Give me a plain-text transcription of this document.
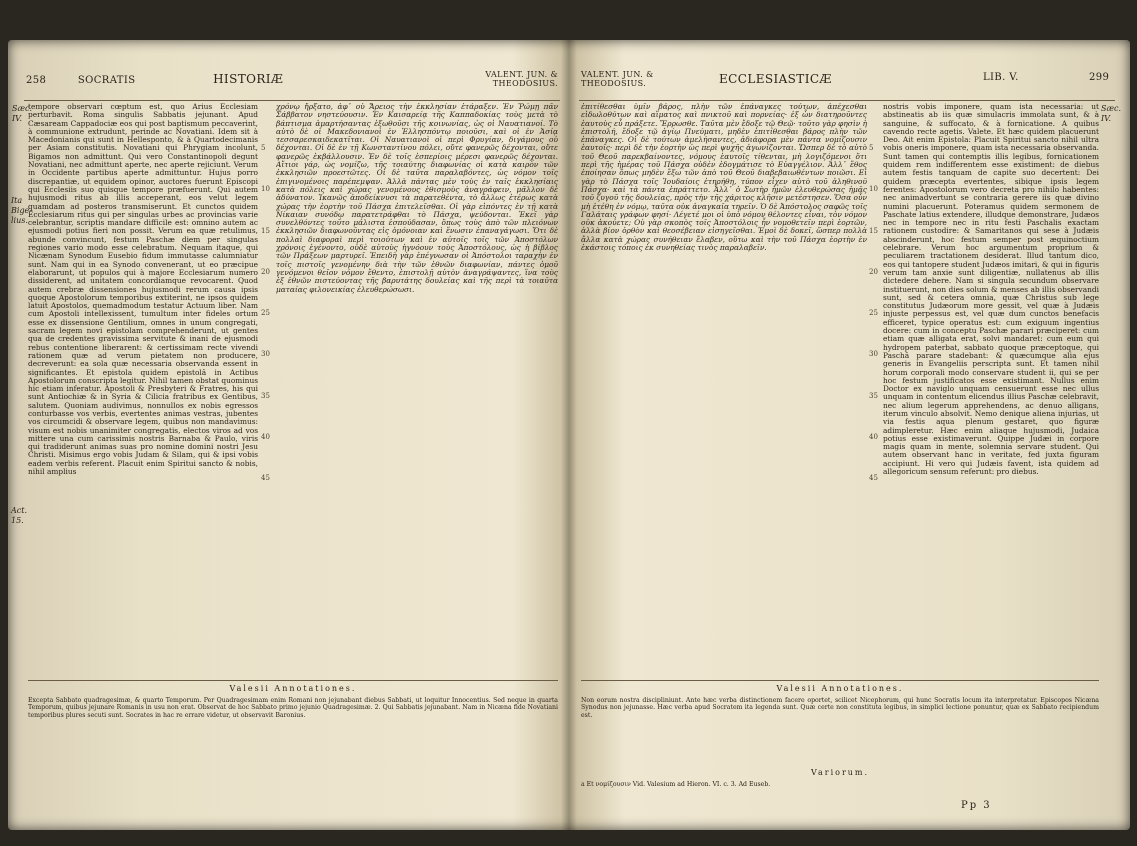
258	SOCRATIS	HISTORIÆ	VALENT. JUN. & THEODOSIUS.
Sæc. IV.
Ita Bige-lius.
Act. 15.
tempore observari cœptum est, quo Arius Ecclesiam perturbavit. Roma singulis Sabbatis jejunant. Apud Cæsaream Cappadociæ eos qui post baptismum peccaverint, à communione extrudunt, perinde ac Novatiani. Idem sit à Macedonianis qui sunt in Hellesponto, & à Quartodecimanis per Asiam constitutis. Novatiani qui Phrygiam incolunt, Bigamos non admittunt. Qui vero Constantinopoli degunt Novatiani, nec admittunt aperte, nec aperte rejiciunt. Verum in Occidente partibus aperte admittuntur. Hujus porro discrepantiæ, ut equidem opinor, auctores fuerunt Episcopi qui Ecclesiis suo quisque tempore præfuerunt. Qui autem hujusmodi ritus ab illis acceperant, eos velut legem quamdam ad posteros transmiserunt. Et cunctos quidem Ecclesiarum ritus qui per singulas urbes ac provincias varie celebrantur, scriptis mandare difficile est: omnino autem ac ejusmodi potius fieri non possit. Verum ea quæ retulimus, abunde convincunt, festum Paschæ diem per singulas regiones vario modo esse celebratum. Nequam itaque, qui Nicænam Synodum Eusebio fidum immutasse calumniatur sunt. Nam qui in ea Synodo convenerant, ut eo præcipue elaborarunt, ut populos qui à majore Ecclesiarum numero dissiderent, ad unitatem concordiamque revocarent. Quod autem crebræ dissensiones hujusmodi rerum causa ipsis quoque Apostolorum temporibus extiterint, ne ipsos quidem latuit Apostolos, quemadmodum testatur Actuum liber. Nam cum Apostoli intellexissent, tumultum inter fideles ortum esse ex dissensione Gentilium, omnes in unum congregati, sacram legem novi epistolam comprehenderunt, ut gentes qua de credentes gravissima servitute & inani de ejusmodi rebus contentione liberarent: & certissimam recte vivendi rationem quæ ad verum pietatem non producere, decreverunt: ea sola quæ necessaria observanda essent in significantes. Et epistola quidem epistolâ in Actibus Apostolorum conscripta legitur. Nihil tamen obstat quominus hic etiam inferatur. Apostoli & Presbyteri & Fratres, his qui sunt Antiochiæ & in Syria & Cilicia fratribus ex Gentibus, salutem. Quoniam audivimus, nonnullos ex nobis egressos conturbasse vos verbis, evertentes animas vestras, jubentes vos circumcidi & observare legem, quibus non mandavimus: visum est nobis unanimiter congregatis, electos viros ad vos mittere una cum carissimis nostris Barnaba & Paulo, viris qui tradiderunt animas suas pro nomine domini nostri Jesu Christi. Misimus ergo vobis Judam & Silam, qui & ipsi vobis eadem verbis referent. Placuit enim Spiritui sancto & nobis, nihil amplius
5
10
15
20
25
30
35
40
45
χρόνῳ ἤρξατο, ἀφ᾽ οὗ Ἄρειος τὴν ἐκκλησίαν ἐτάραξεν. Ἐν Ῥώμῃ πᾶν Σάββατον νηστεύουσιν. Ἐν Καισαρείᾳ τῆς Καππαδοκίας τοὺς μετὰ τὸ βάπτισμα ἁμαρτήσαντας ἐξωθοῦσι τῆς κοινωνίας, ὡς οἱ Ναυατιανοί. Τὸ αὐτὸ δὲ οἱ Μακεδονιανοὶ ἐν Ἑλλησπόντῳ ποιοῦσι, καὶ οἱ ἐν Ἀσίᾳ τεσσαρεσκαιδεκατῖται. Οἱ Ναυατιανοὶ οἱ περὶ Φρυγίαν, διγάμους οὐ δέχονται. Οἱ δὲ ἐν τῇ Κωνσταντίνου πόλει, οὔτε φανερῶς δέχονται, οὔτε φανερῶς ἐκβάλλουσιν. Ἐν δὲ τοῖς ἑσπερίοις μέρεσι φανερῶς δέχονται. Αἴτιοι γάρ, ὡς νομίζω, τῆς τοιαύτης διαφωνίας οἱ κατὰ καιρὸν τῶν ἐκκλησιῶν προεστῶτες. Οἱ δὲ ταῦτα παραλαβόντες, ὡς νόμον τοῖς ἐπιγινομένοις παρέπεμψαν. Ἀλλὰ πάντας μὲν τοὺς ἐν ταῖς ἐκκλησίαις κατὰ πόλεις καὶ χώρας γενομένους ἐθισμοὺς ἀναγράφειν, μᾶλλον δὲ ἀδύνατον. Ἱκανῶς ἀποδείκνυσι τὰ παρατεθέντα, τὸ ἄλλως ἑτέρως κατὰ χώρας τὴν ἑορτὴν τοῦ Πάσχα ἐπιτελεῖσθαι. Οἱ γὰρ εἰπόντες ἐν τῇ κατὰ Νίκαιαν συνόδῳ παρατετράφθαι τὸ Πάσχα, ψεύδονται. Ἐκεῖ γὰρ συνελθόντες τοῦτο μάλιστα ἐσπούδασαν, ὅπως τοὺς ἀπὸ τῶν πλειόνων ἐκκλησιῶν διαφωνοῦντας εἰς ὁμόνοιαν καὶ ἕνωσιν ἐπαναγάγωσι. Ὅτι δὲ πολλαὶ διαφοραὶ περὶ τοιούτων καὶ ἐν αὐτοῖς τοῖς τῶν Ἀποστόλων χρόνοις ἐγένοντο, οὐδὲ αὐτοὺς ἠγνόουν τοὺς Ἀποστόλους, ὡς ἡ βίβλος τῶν Πράξεων μαρτυρεῖ. Ἐπειδὴ γὰρ ἐπέγνωσαν οἱ Ἀπόστολοι ταραχὴν ἐν τοῖς πιστοῖς γενομένην διὰ τὴν τῶν ἐθνῶν διαφωνίαν, πάντες ὁμοῦ γενόμενοι θεῖον νόμον ἔθεντο, ἐπιστολῇ αὐτὸν ἀναγράψαντες, ἵνα τοὺς ἐξ ἐθνῶν πιστεύοντας τῆς βαρυτάτης δουλείας καὶ τῆς περὶ τὰ τοιαῦτα ματαίας φιλονεικίας ἐλευθερώσωσι.
Valesii Annotationes.
Excepta Sabbato quadragesimæ, & quarto Temporum. Per Quadragesimam enim Romani non jejunabant diebus Sabbati, ut loquitur Innocentius. Sed neque in quarta Temporum, quibus jejunare Romanis in usu non erat. Observat de hoc Sabbato primo jejunio Quadragesimæ. 2. Qui Sabbatis jejunabant. Nam in Nicæna fide Novatiani temporibus plures secuti sunt. Socrates in hac re errare videtur, ut observavit Baronius.
VALENT. JUN. & THEODOSIUS.	ECCLESIASTICÆ	LIB. V.	299
Sæc. IV.
ἐπιτίθεσθαι ὑμῖν βάρος, πλὴν τῶν ἐπάναγκες τούτων, ἀπέχεσθαι εἰδωλοθύτων καὶ αἵματος καὶ πνικτοῦ καὶ πορνείας· ἐξ ὧν διατηροῦντες ἑαυτοὺς εὖ πράξετε. Ἔρρωσθε. Ταῦτα μὲν ἔδοξε τῷ Θεῷ· τοῦτο γὰρ φησὶν ἡ ἐπιστολή, ἔδοξε τῷ ἁγίῳ Πνεύματι, μηδὲν ἐπιτίθεσθαι βάρος πλὴν τῶν ἐπάναγκες. Οἱ δὲ τούτων ἀμελήσαντες, ἀδιάφορα μὲν πάντα νομίζουσιν ἑαυτοῖς· περὶ δὲ τὴν ἑορτὴν ὡς περὶ ψυχῆς ἀγωνίζονται. Ὥσπερ δὲ τὸ αὐτὸ τοῦ Θεοῦ παρεκβαίνοντες, νόμους ἑαυτοῖς τίθενται, μὴ λογιζόμενοι ὅτι περὶ τῆς ἡμέρας τοῦ Πάσχα οὐδὲν ἐδογμάτισε τὸ Εὐαγγέλιον. Ἀλλ᾽ ἔθος ἐποίησαν ὅπως μηδὲν ἔξω τῶν ἀπὸ τοῦ Θεοῦ διαβεβαιωθέντων ποιῶσι. Εἰ γὰρ τὸ Πάσχα τοῖς Ἰουδαίοις ἐτηρήθη, τύπον εἶχεν αὐτὸ τοῦ ἀληθινοῦ Πάσχα· καὶ τὰ πάντα ἐπράττετο. Ἀλλ᾽ ὁ Σωτὴρ ἡμῶν ἐλευθερώσας ἡμᾶς τοῦ ζυγοῦ τῆς δουλείας, πρὸς τὴν τῆς χάριτος κλῆσιν μετέστησεν. Ὅσα οὖν μὴ ἐτέθη ἐν νόμῳ, ταῦτα οὐκ ἀναγκαῖα τηρεῖν. Ὁ δὲ Ἀπόστολος σαφῶς τοῖς Γαλάταις γράφων φησί· Λέγετέ μοι οἱ ὑπὸ νόμον θέλοντες εἶναι, τὸν νόμον οὐκ ἀκούετε; Οὐ γὰρ σκοπὸς τοῖς Ἀποστόλοις ἦν νομοθετεῖν περὶ ἑορτῶν, ἀλλὰ βίον ὀρθὸν καὶ θεοσέβειαν εἰσηγεῖσθαι. Ἐμοὶ δὲ δοκεῖ, ὥσπερ πολλὰ ἄλλα κατὰ χώρας συνήθειαν ἔλαβεν, οὕτω καὶ τὴν τοῦ Πάσχα ἑορτὴν ἐν ἑκάστοις τόποις ἐκ συνηθείας τινὸς παραλαβεῖν.
5
10
15
20
25
30
35
40
45
nostris vobis imponere, quam ista necessaria: ut abstineatis ab iis quæ simulacris immolata sunt, & à sanguine, & suffocato, & à fornicatione. A quibus cavendo recte agetis. Valete. Et hæc quidem placuerunt Deo. Ait enim Epistola: Placuit Spiritui sancto nihil ultra vobis oneris imponere, quam ista necessaria observanda. Sunt tamen qui contemptis illis legibus, fornicationem quidem rem indifferentem esse existiment: de diebus autem festis tanquam de capite suo decertent: Dei quidem præcepta evertentes, sibique ipsis legem ferentes: Apostolorum vero decreta pro nihilo habentes: nec animadvertunt se contraria gerere iis quæ divino numini placuerunt. Poteramus quidem sermonem de Paschate latius extendere, illudque demonstrare, Judæos nec in tempore nec in ritu festi Paschalis exactam rationem custodire: & Samaritanos qui sese à Judæis abscinderunt, hoc festum semper post æquinoctium celebrare. Verum hoc argumentum proprium & peculiarem tractationem desiderat. Illud tantum dico, eos qui tantopere student Judæos imitari, & qui in figuris verum tam anxie sunt diligentiæ, nullatenus ab illis dictedere debere. Nam si singula secundum observare instituerunt, non dies solum & menses ab illis observandi sunt, sed & cetera omnia, quæ Christus sub lege constitutus Judæorum more gessit, vel quæ à Judæis injuste perpessus est, vel quæ dum cunctos benefacis efficeret, typice operatus est: cum exiguum ingentius docere: cum in conceptu Paschæ parari præciperet: cum etiam quæ alligata erat, solvi mandaret: cum eum qui hydropem paterbat, sabbato quoque præceptoque, qui Paschâ parare stadebant: & quæcumque alia ejus generis in Evangeliis perscripta sunt. Et tamen nihil horum corporali modo conservare student ii, qui se per hoc festum justificatos esse existimant. Nullus enim Doctor ex naviglo unquam censuerunt esse nec ullus unquam in contentum elicendus illius Paschæ celebravit, nec alium legerum apprehendens, ac denuo alligans, iterum vinculo absolvit. Nemo denique aliena injurias, ut via festis aqua plenum gestaret, quo figuræ adimpleretur. Hæc enim aliaque hujusmodi, Judaica potius esse existimaverunt. Quippe Judæi in corpore magis quam in mente, solemnia servare student. Qui autem observant hanc in veritate, fed juxta figuram accipiunt. Hi vero qui Judæis favent, ista quidem ad allegoricum sensum referunt: pro diebus.
Valesii Annotationes.
Non eorum nostra discipliniunt. Ante hæc verba distinctionem facere oportet, scilicet Nicephorum, qui hunc Socratis locum ita interpretatur. Episcopos Nicæna Synodus non jejunasse. Hæc verba apud Socratem ita legenda sunt. Quæ certe non constituta legibus, in simplici lectione ponuntur, quæ ex Sabbato recipiendum est.
Variorum.
a Et νομίζουσιν Vid. Valesium ad Hieron. VI. c. 3. Ad Euseb.
Pp 3
